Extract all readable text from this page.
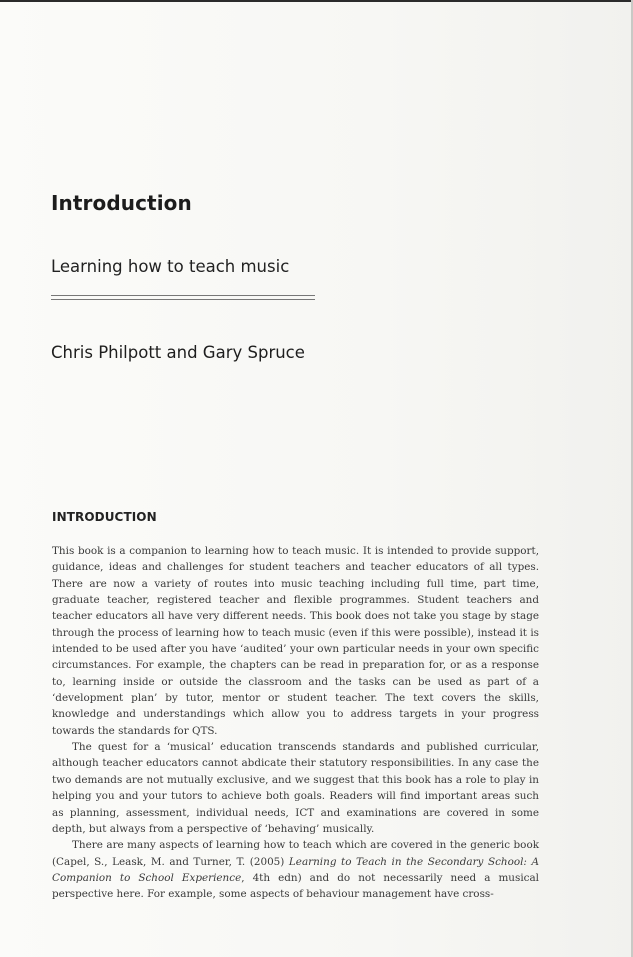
Introduction
Learning how to teach music
Chris Philpott and Gary Spruce
INTRODUCTION

This book is a companion to learning how to teach music. It is intended to provide support, guidance, ideas and challenges for student teachers and teacher educators of all types. There are now a variety of routes into music teaching including full time, part time, graduate teacher, registered teacher and flexible programmes. Student teachers and teacher educators all have very different needs. This book does not take you stage by stage through the process of learning how to teach music (even if this were possible), instead it is intended to be used after you have ‘audited’ your own particular needs in your own specific circumstances. For example, the chapters can be read in preparation for, or as a response to, learning inside or outside the classroom and the tasks can be used as part of a ‘development plan’ by tutor, mentor or student teacher. The text covers the skills, knowledge and understandings which allow you to address targets in your progress towards the standards for QTS.

The quest for a ‘musical’ education transcends standards and published curricular, although teacher educators cannot abdicate their statutory responsibilities. In any case the two demands are not mutually exclusive, and we suggest that this book has a role to play in helping you and your tutors to achieve both goals. Readers will find important areas such as planning, assessment, individual needs, ICT and examinations are covered in some depth, but always from a perspective of ‘behaving’ musically.

There are many aspects of learning how to teach which are covered in the generic book (Capel, S., Leask, M. and Turner, T. (2005) Learning to Teach in the Secondary School: A Companion to School Experience, 4th edn) and do not necessarily need a musical perspective here. For example, some aspects of behaviour management have cross-
